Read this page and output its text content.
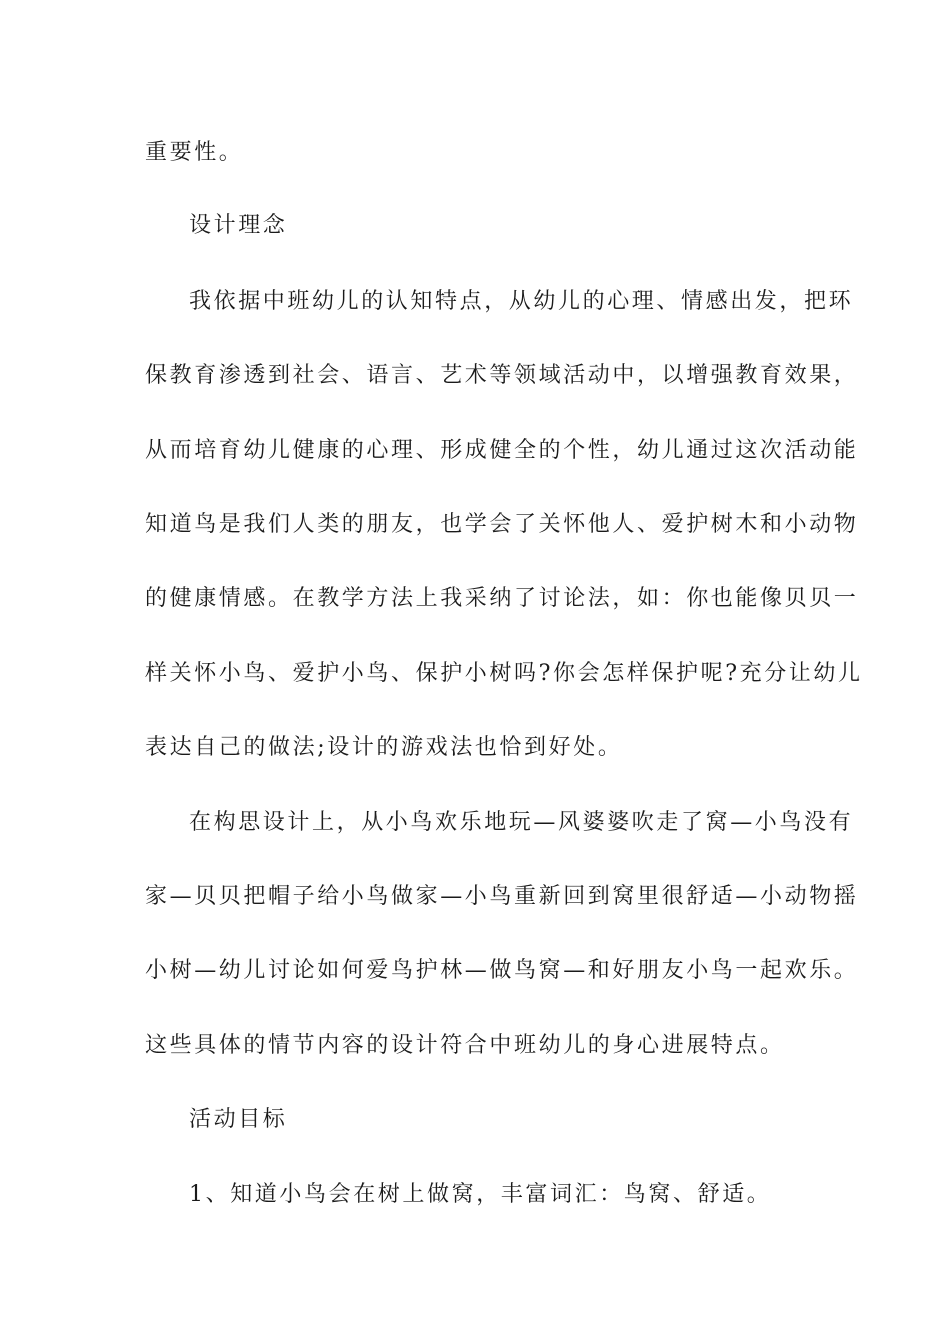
重要性。
设计理念
我依据中班幼儿的认知特点，从幼儿的心理、情感出发，把环
保教育渗透到社会、语言、艺术等领域活动中，以增强教育效果，
从而培育幼儿健康的心理、形成健全的个性，幼儿通过这次活动能
知道鸟是我们人类的朋友，也学会了关怀他人、爱护树木和小动物
的健康情感。在教学方法上我采纳了讨论法，如：你也能像贝贝一
样关怀小鸟、爱护小鸟、保护小树吗?你会怎样保护呢?充分让幼儿
表达自己的做法;设计的游戏法也恰到好处。
在构思设计上，从小鸟欢乐地玩—风婆婆吹走了窝—小鸟没有
家—贝贝把帽子给小鸟做家—小鸟重新回到窝里很舒适—小动物摇
小树—幼儿讨论如何爱鸟护林—做鸟窝—和好朋友小鸟一起欢乐。
这些具体的情节内容的设计符合中班幼儿的身心进展特点。
活动目标
1、知道小鸟会在树上做窝，丰富词汇：鸟窝、舒适。
